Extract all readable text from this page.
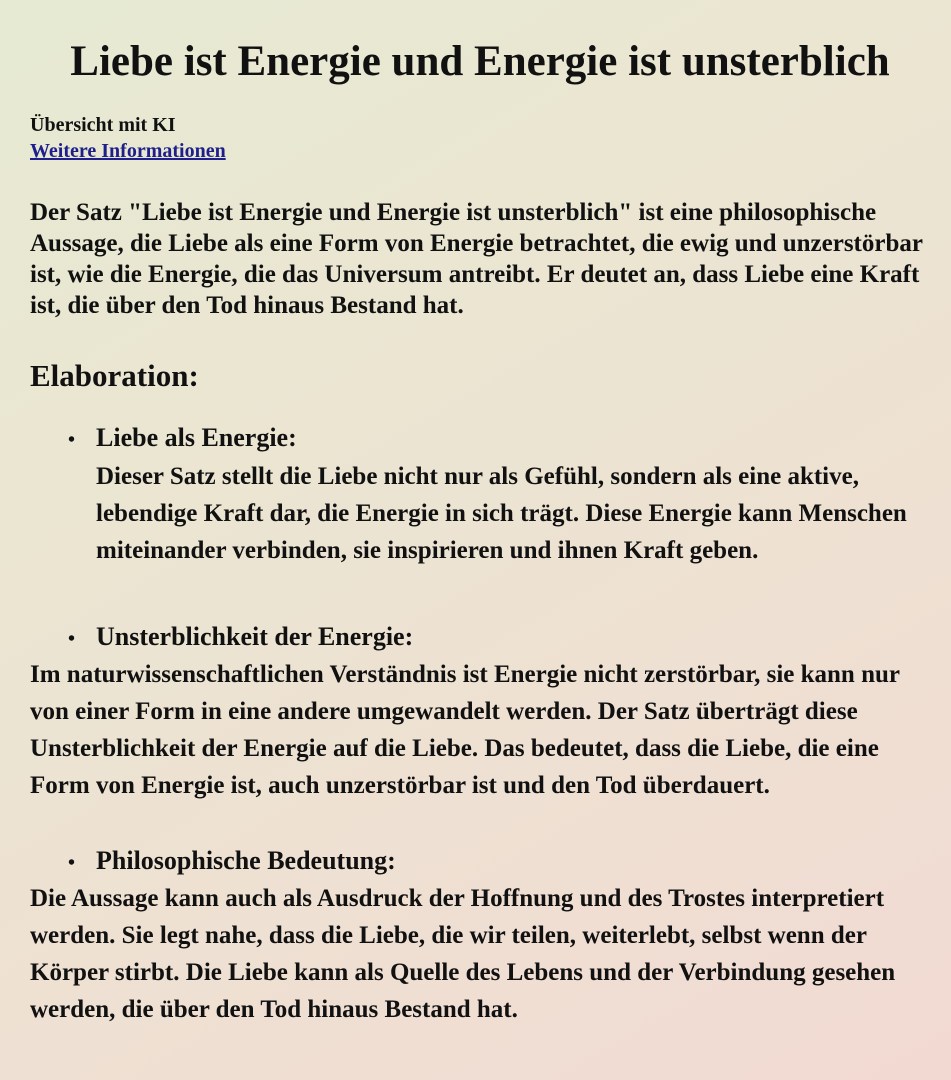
Liebe ist Energie und Energie ist unsterblich
Übersicht mit KI
Weitere Informationen

Der Satz "Liebe ist Energie und Energie ist unsterblich" ist eine philosophische Aussage, die Liebe als eine Form von Energie betrachtet, die ewig und unzerstörbar ist, wie die Energie, die das Universum antreibt. Er deutet an, dass Liebe eine Kraft ist, die über den Tod hinaus Bestand hat.

Elaboration:
• Liebe als Energie:

Dieser Satz stellt die Liebe nicht nur als Gefühl, sondern als eine aktive, lebendige Kraft dar, die Energie in sich trägt. Diese Energie kann Menschen miteinander verbinden, sie inspirieren und ihnen Kraft geben.

• Unsterblichkeit der Energie:

Im naturwissenschaftlichen Verständnis ist Energie nicht zerstörbar, sie kann nur von einer Form in eine andere umgewandelt werden. Der Satz überträgt diese Unsterblichkeit der Energie auf die Liebe. Das bedeutet, dass die Liebe, die eine Form von Energie ist, auch unzerstörbar ist und den Tod überdauert.

• Philosophische Bedeutung:

Die Aussage kann auch als Ausdruck der Hoffnung und des Trostes interpretiert werden. Sie legt nahe, dass die Liebe, die wir teilen, weiterlebt, selbst wenn der Körper stirbt. Die Liebe kann als Quelle des Lebens und der Verbindung gesehen werden, die über den Tod hinaus Bestand hat.
